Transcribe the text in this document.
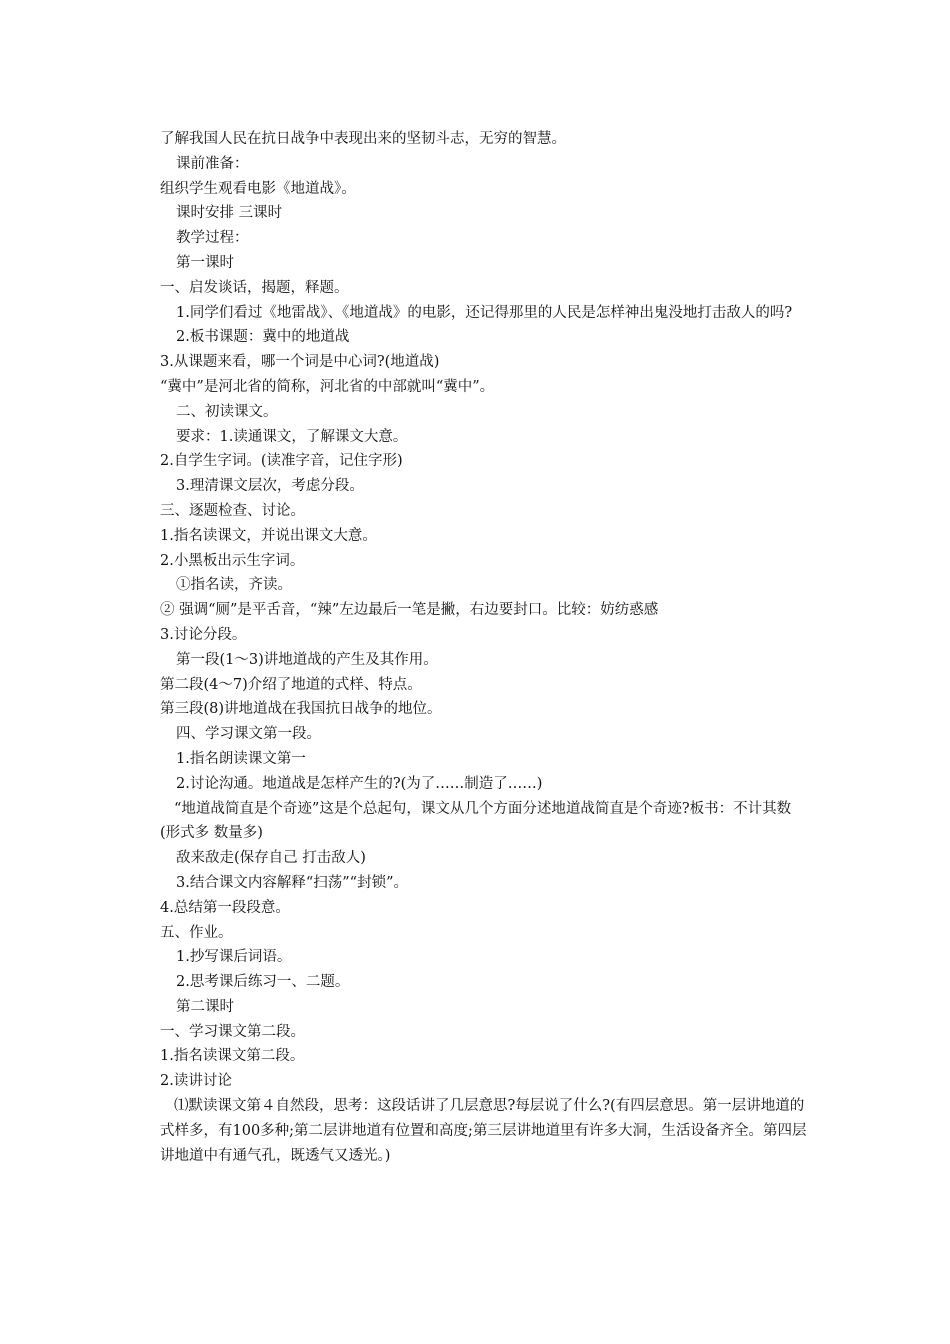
了解我国人民在抗日战争中表现出来的坚韧斗志，无穷的智慧。

课前准备：

组织学生观看电影《地道战》。

课时安排 三课时

教学过程：

第一课时

一、启发谈话，揭题，释题。

1.同学们看过《地雷战》、《地道战》的电影，还记得那里的人民是怎样神出鬼没地打击敌人的吗?

2.板书课题：冀中的地道战

3.从课题来看，哪一个词是中心词?(地道战)

“冀中”是河北省的简称，河北省的中部就叫“冀中”。

二、初读课文。

要求：1.读通课文，了解课文大意。

2.自学生字词。(读准字音，记住字形)

3.理清课文层次，考虑分段。

三、逐题检查、讨论。

1.指名读课文，并说出课文大意。

2.小黑板出示生字词。

①指名读，齐读。

② 强调“厕”是平舌音，“辣”左边最后一笔是撇，右边要封口。比较：妨纺惑感

3.讨论分段。

第一段(1～3)讲地道战的产生及其作用。

第二段(4～7)介绍了地道的式样、特点。

第三段(8)讲地道战在我国抗日战争的地位。

四、学习课文第一段。

1.指名朗读课文第一

2.讨论沟通。地道战是怎样产生的?(为了……制造了……)

“地道战简直是个奇迹”这是个总起句，课文从几个方面分述地道战简直是个奇迹?板书：不计其数(形式多 数量多)

敌来敌走(保存自己 打击敌人)

3.结合课文内容解释“扫荡”“封锁”。

4.总结第一段段意。

五、作业。

1.抄写课后词语。

2.思考课后练习一、二题。

第二课时

一、学习课文第二段。

1.指名读课文第二段。

2.读讲讨论

⑴默读课文第４自然段，思考：这段话讲了几层意思?每层说了什么?(有四层意思。第一层讲地道的式样多，有100多种;第二层讲地道有位置和高度;第三层讲地道里有许多大洞，生活设备齐全。第四层讲地道中有通气孔，既透气又透光。)
